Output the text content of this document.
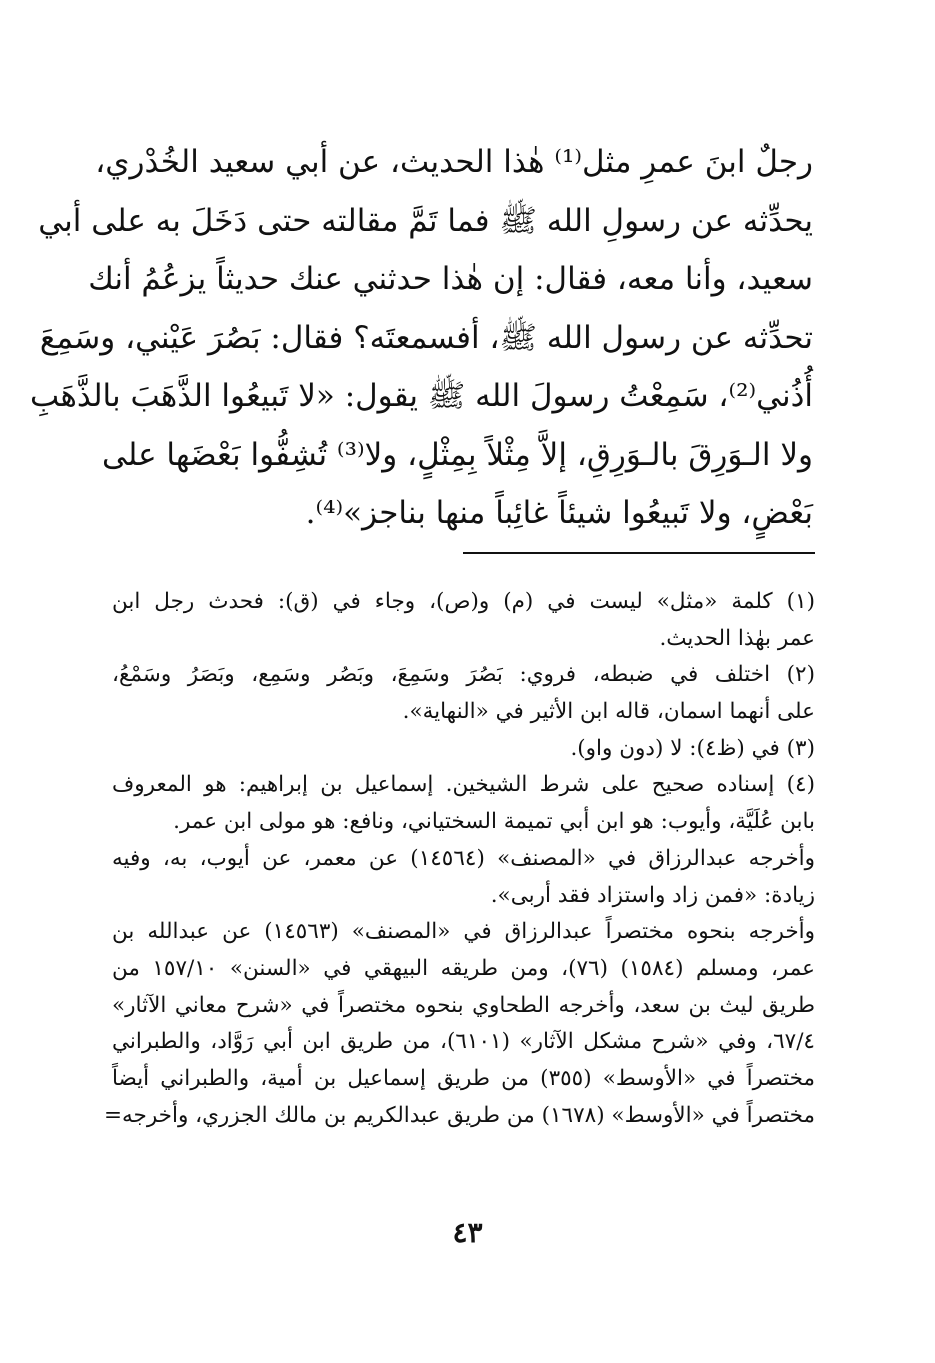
رجلٌ ابنَ عمرِ مثل⁽¹⁾ هٰذا الحديث، عن أبي سعيد الخُدْري،
يحدِّثه عن رسولِ الله ﷺ فما تَمَّ مقالته حتى دَخَلَ به على أبي
سعيد، وأنا معه، فقال: إن هٰذا حدثني عنك حديثاً يزعُمُ أنك
تحدِّثه عن رسول الله ﷺ، أفسمعتَه؟ فقال: بَصُرَ عَيْني، وسَمِعَ
أُذُني⁽²⁾، سَمِعْتُ رسولَ الله ﷺ يقول: «لا تَبيعُوا الذَّهَبَ بالذَّهَبِ
ولا الـوَرِقَ بالـوَرِقِ، إلاَّ مِثْلاً بِمِثْلٍ، ولا⁽³⁾ تُشِفُّوا بَعْضَها على
بَعْضٍ، ولا تَبيعُوا شيئاً غائِباً منها بناجز»⁽⁴⁾.
(١) كلمة «مثل» ليست في (م) و(ص)، وجاء في (ق): فحدث رجل ابن
عمر بهٰذا الحديث.
(٢) اختلف في ضبطه، فروي: بَصُرَ وسَمِعَ، وبَصُر وسَمِع، وبَصَرُ وسَمْعُ،
على أنهما اسمان، قاله ابن الأثير في «النهاية».
(٣) في (ظ٤): لا (دون واو).
(٤) إسناده صحيح على شرط الشيخين. إسماعيل بن إبراهيم: هو المعروف
بابن عُلَيَّة، وأيوب: هو ابن أبي تميمة السختياني، ونافع: هو مولى ابن عمر.
وأخرجه عبدالرزاق في «المصنف» (١٤٥٦٤) عن معمر، عن أيوب، به، وفيه
زيادة: «فمن زاد واستزاد فقد أربى».
وأخرجه بنحوه مختصراً عبدالرزاق في «المصنف» (١٤٥٦٣) عن عبدالله بن
عمر، ومسلم (١٥٨٤) (٧٦)، ومن طريقه البيهقي في «السنن» ١٥٧/١٠ من
طريق ليث بن سعد، وأخرجه الطحاوي بنحوه مختصراً في «شرح معاني الآثار»
٦٧/٤، وفي «شرح مشكل الآثار» (٦١٠١)، من طريق ابن أبي رَوَّاد، والطبراني
مختصراً في «الأوسط» (٣٥٥) من طريق إسماعيل بن أمية، والطبراني أيضاً
مختصراً في «الأوسط» (١٦٧٨) من طريق عبدالكريم بن مالك الجزري، وأخرجه=
٤٣
